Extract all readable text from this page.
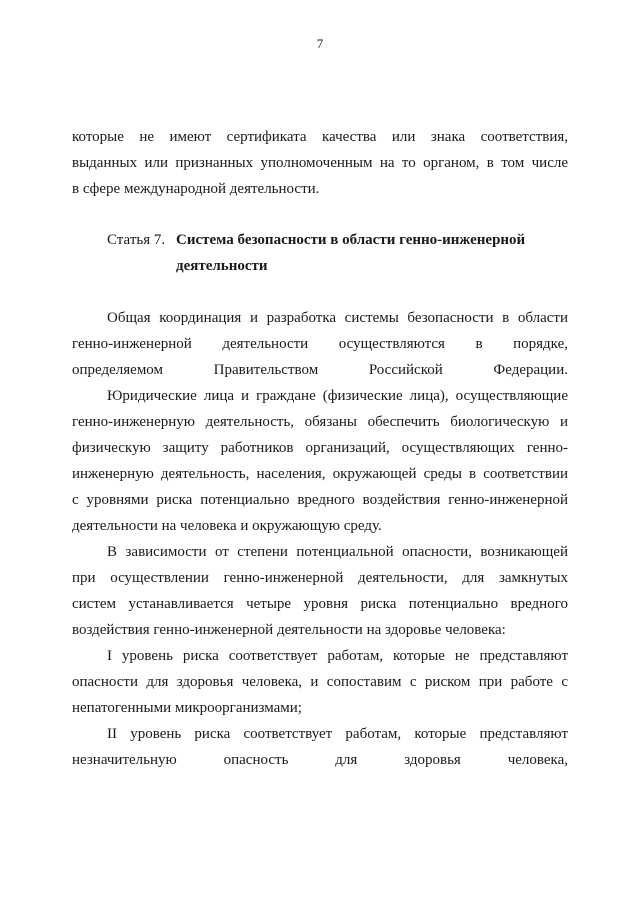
7
которые не имеют сертификата качества или знака соответствия,
выданных или признанных уполномоченным на то органом, в том числе
в сфере международной деятельности.
Статья 7. Система безопасности в области генно-инженерной
деятельности
Общая координация и разработка системы безопасности в области
генно-инженерной деятельности осуществляются в порядке,
определяемом Правительством Российской Федерации.
Юридические лица и граждане (физические лица), осуществляющие
генно-инженерную деятельность, обязаны обеспечить биологическую и
физическую защиту работников организаций, осуществляющих генно-
инженерную деятельность, населения, окружающей среды в соответствии
с уровнями риска потенциально вредного воздействия генно-инженерной
деятельности на человека и окружающую среду.
В зависимости от степени потенциальной опасности, возникающей
при осуществлении генно-инженерной деятельности, для замкнутых
систем устанавливается четыре уровня риска потенциально вредного
воздействия генно-инженерной деятельности на здоровье человека:
I уровень риска соответствует работам, которые не представляют
опасности для здоровья человека, и сопоставим с риском при работе с
непатогенными микроорганизмами;
II уровень риска соответствует работам, которые представляют
незначительную опасность для здоровья человека,
